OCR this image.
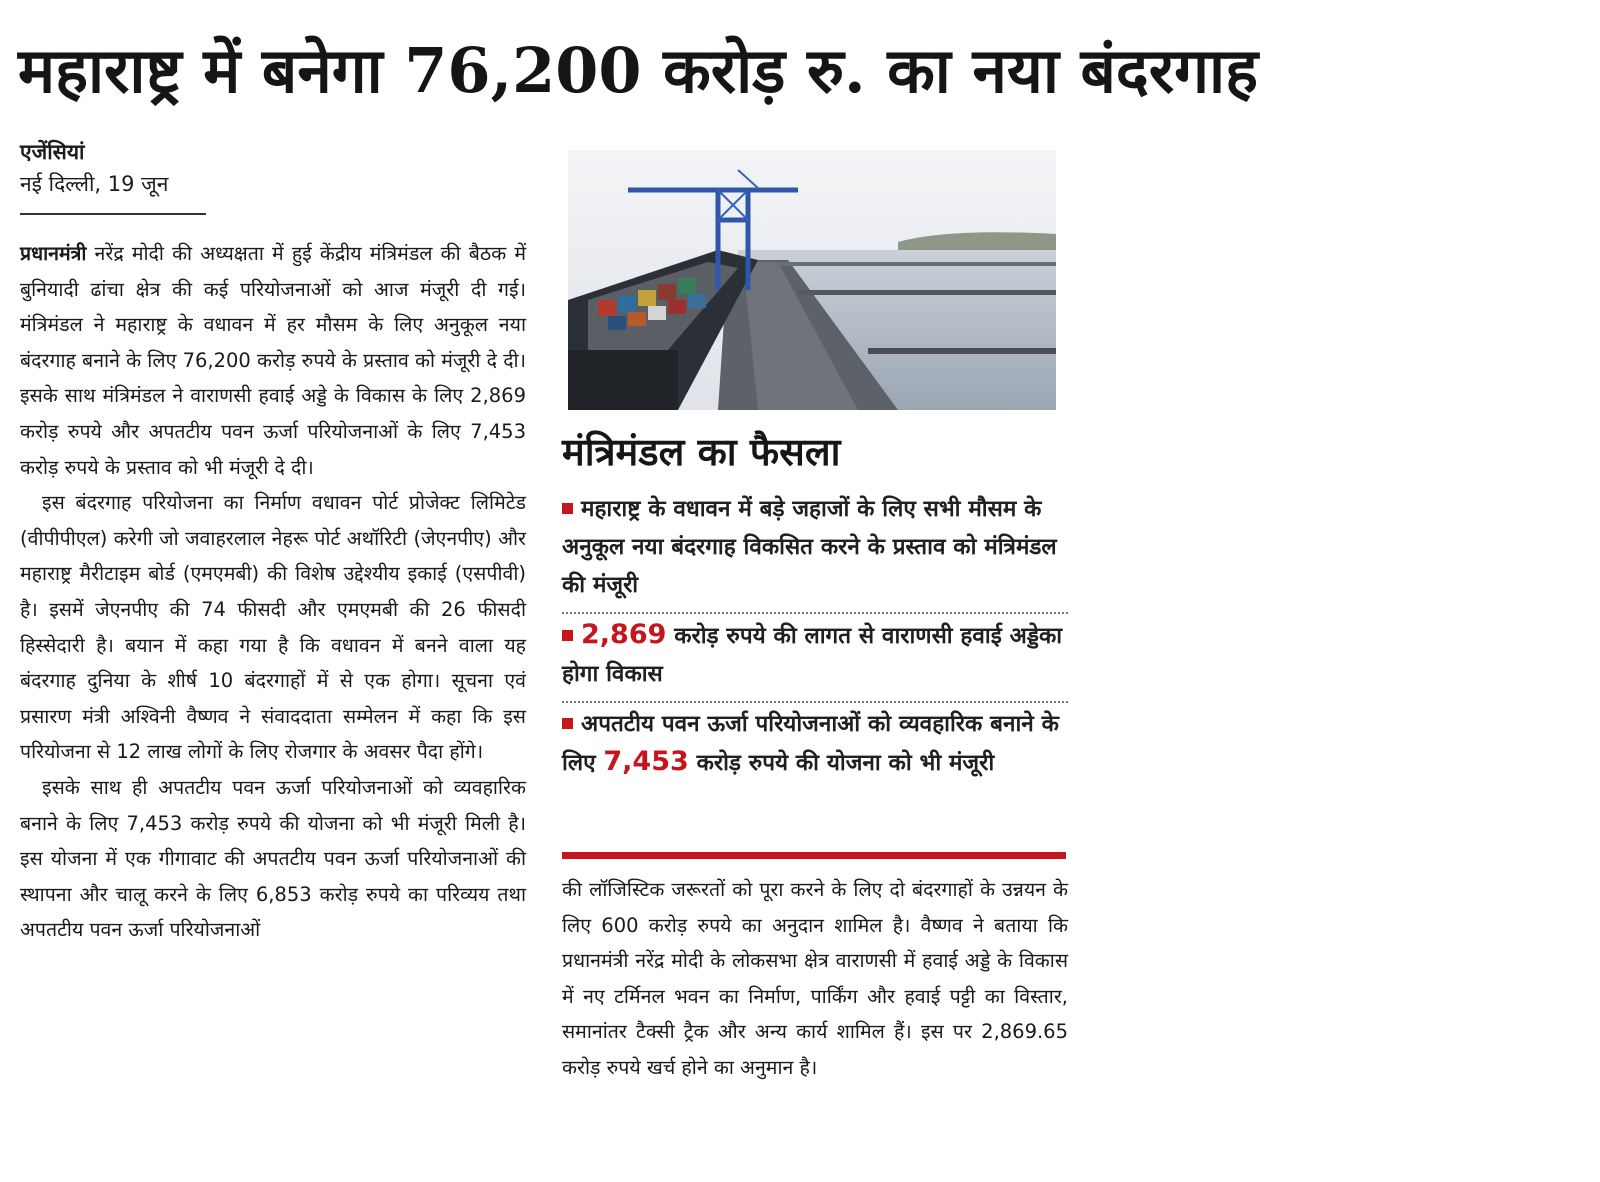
महाराष्ट्र में बनेगा 76,200 करोड़ रु. का नया बंदरगाह
एजेंसियां
नई दिल्ली, 19 जून

प्रधानमंत्री नरेंद्र मोदी की अध्यक्षता में हुई केंद्रीय मंत्रिमंडल की बैठक में बुनियादी ढांचा क्षेत्र की कई परियोजनाओं को आज मंजूरी दी गई। मंत्रिमंडल ने महाराष्ट्र के वधावन में हर मौसम के लिए अनुकूल नया बंदरगाह बनाने के लिए 76,200 करोड़ रुपये के प्रस्ताव को मंजूरी दे दी। इसके साथ मंत्रिमंडल ने वाराणसी हवाई अड्डे के विकास के लिए 2,869 करोड़ रुपये और अपतटीय पवन ऊर्जा परियोजनाओं के लिए 7,453 करोड़ रुपये के प्रस्ताव को भी मंजूरी दे दी।

इस बंदरगाह परियोजना का निर्माण वधावन पोर्ट प्रोजेक्ट लिमिटेड (वीपीपीएल) करेगी जो जवाहरलाल नेहरू पोर्ट अथॉरिटी (जेएनपीए) और महाराष्ट्र मैरीटाइम बोर्ड (एमएमबी) की विशेष उद्देश्यीय इकाई (एसपीवी) है। इसमें जेएनपीए की 74 फीसदी और एमएमबी की 26 फीसदी हिस्सेदारी है। बयान में कहा गया है कि वधावन में बनने वाला यह बंदरगाह दुनिया के शीर्ष 10 बंदरगाहों में से एक होगा। सूचना एवं प्रसारण मंत्री अश्विनी वैष्णव ने संवाददाता सम्मेलन में कहा कि इस परियोजना से 12 लाख लोगों के लिए रोजगार के अवसर पैदा होंगे।

इसके साथ ही अपतटीय पवन ऊर्जा परियोजनाओं को व्यवहारिक बनाने के लिए 7,453 करोड़ रुपये की योजना को भी मंजूरी मिली है। इस योजना में एक गीगावाट की अपतटीय पवन ऊर्जा परियोजनाओं की स्थापना और चालू करने के लिए 6,853 करोड़ रुपये का परिव्यय तथा अपतटीय पवन ऊर्जा परियोजनाओं

मंत्रिमंडल का फैसला
महाराष्ट्र के वधावन में बड़े जहाजों के लिए सभी मौसम के अनुकूल नया बंदरगाह विकसित करने के प्रस्ताव को मंत्रिमंडल की मंजूरी
2,869 करोड़ रुपये की लागत से वाराणसी हवाई अड्डेका होगा विकास
अपतटीय पवन ऊर्जा परियोजनाओं को व्यवहारिक बनाने के लिए 7,453 करोड़ रुपये की योजना को भी मंजूरी

की लॉजिस्टिक जरूरतों को पूरा करने के लिए दो बंदरगाहों के उन्नयन के लिए 600 करोड़ रुपये का अनुदान शामिल है। वैष्णव ने बताया कि प्रधानमंत्री नरेंद्र मोदी के लोकसभा क्षेत्र वाराणसी में हवाई अड्डे के विकास में नए टर्मिनल भवन का निर्माण, पार्किंग और हवाई पट्टी का विस्तार, समानांतर टैक्सी ट्रैक और अन्य कार्य शामिल हैं। इस पर 2,869.65 करोड़ रुपये खर्च होने का अनुमान है।
